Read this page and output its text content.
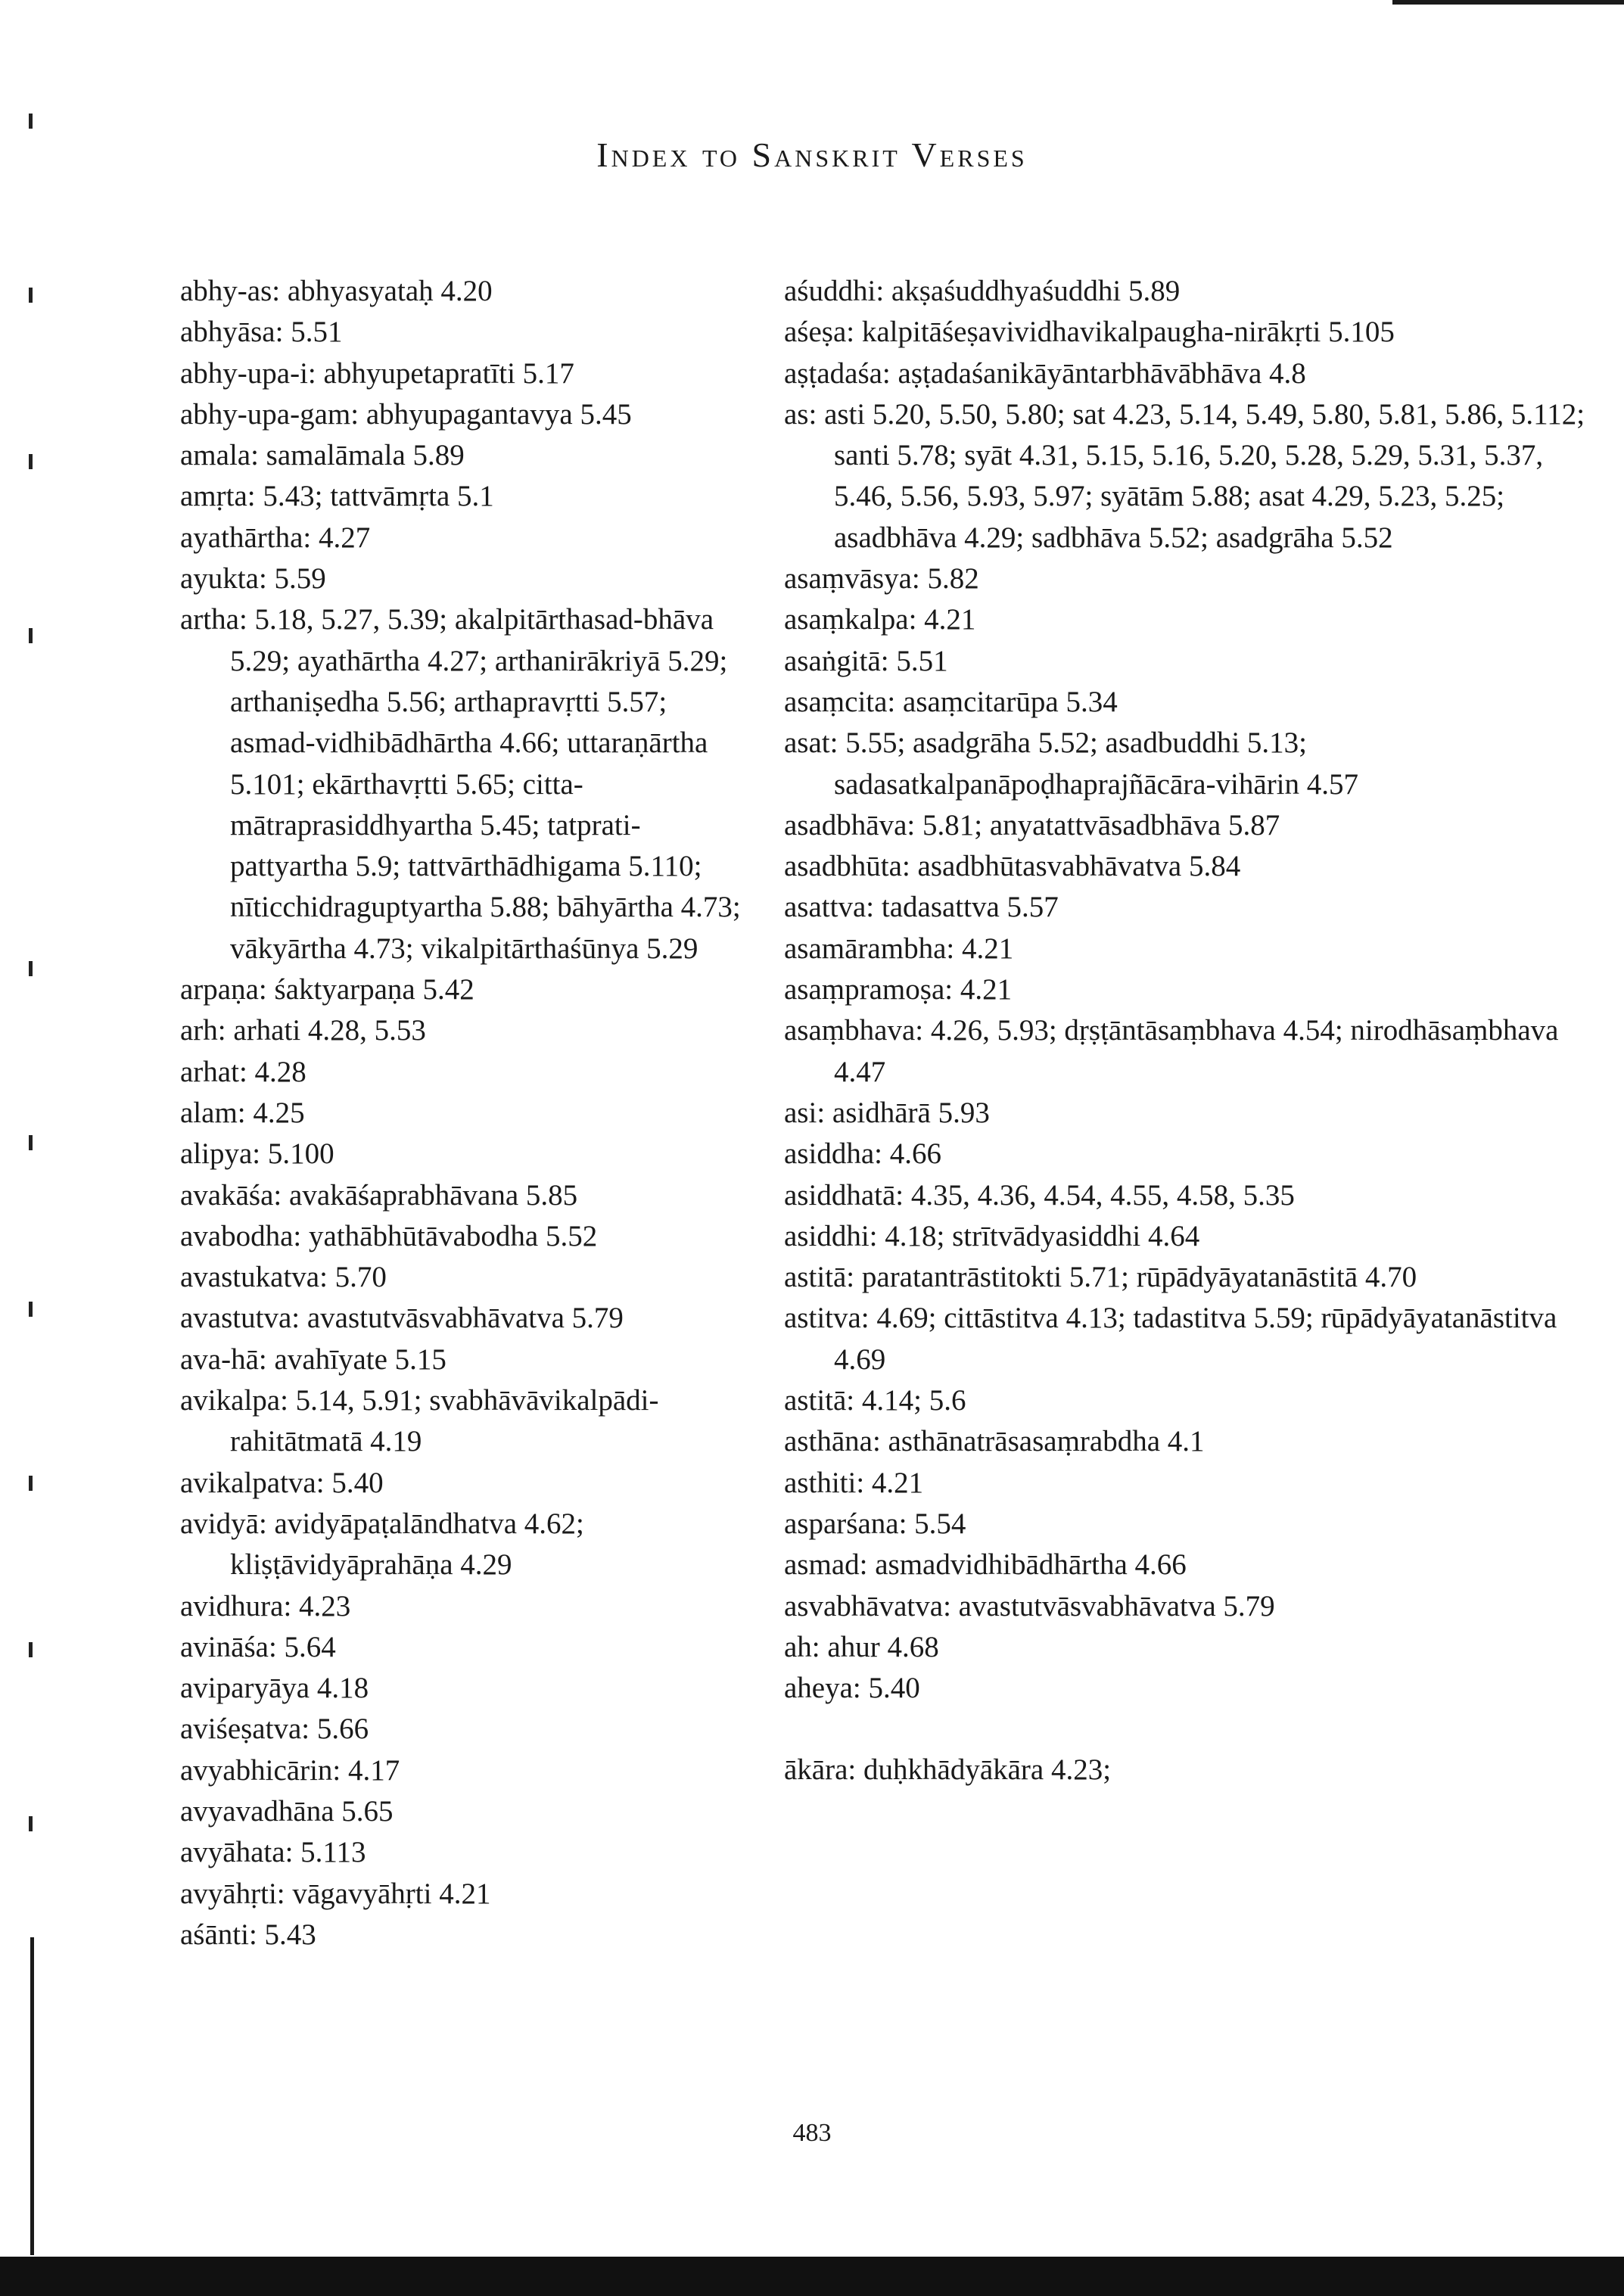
Index to Sanskrit Verses
abhy-as: abhyasyataḥ 4.20
abhyāsa: 5.51
abhy-upa-i: abhyupetapratīti 5.17
abhy-upa-gam: abhyupagantavya 5.45
amala: samalāmala 5.89
amṛta: 5.43; tattvāmṛta 5.1
ayathārtha: 4.27
ayukta: 5.59
artha: 5.18, 5.27, 5.39; akalpitārthasad-bhāva 5.29; ayathārtha 4.27; arthanirākriyā 5.29; arthaniṣedha 5.56; arthapravṛtti 5.57; asmad-vidhibādhārtha 4.66; uttaraṇārtha 5.101; ekārthavṛtti 5.65; citta-mātraprasiddhyartha 5.45; tatprati-pattyartha 5.9; tattvārthādhigama 5.110; nīticchidraguptyartha 5.88; bāhyārtha 4.73; vākyārtha 4.73; vikalpitārthaśūnya 5.29
arpaṇa: śaktyarpaṇa 5.42
arh: arhati 4.28, 5.53
arhat: 4.28
alam: 4.25
alipya: 5.100
avakāśa: avakāśaprabhāvana 5.85
avabodha: yathābhūtāvabodha 5.52
avastukatva: 5.70
avastutva: avastutvāsvabhāvatva 5.79
ava-hā: avahīyate 5.15
avikalpa: 5.14, 5.91; svabhāvāvikalpādi-rahitātmatā 4.19
avikalpatva: 5.40
avidyā: avidyāpaṭalāndhatva 4.62; kliṣṭāvidyāprahāṇa 4.29
avidhura: 4.23
avināśa: 5.64
aviparyāya 4.18
aviśeṣatva: 5.66
avyabhicārin: 4.17
avyavadhāna 5.65
avyāhata: 5.113
avyāhṛti: vāgavyāhṛti 4.21
aśānti: 5.43
aśuddhi: akṣaśuddhyaśuddhi 5.89
aśeṣa: kalpitāśeṣavividhavikalpaugha-nirākṛti 5.105
aṣṭadaśa: aṣṭadaśanikāyāntarbhāvābhāva 4.8
as: asti 5.20, 5.50, 5.80; sat 4.23, 5.14, 5.49, 5.80, 5.81, 5.86, 5.112; santi 5.78; syāt 4.31, 5.15, 5.16, 5.20, 5.28, 5.29, 5.31, 5.37, 5.46, 5.56, 5.93, 5.97; syātām 5.88; asat 4.29, 5.23, 5.25; asadbhāva 4.29; sadbhāva 5.52; asadgrāha 5.52
asaṃvāsya: 5.82
asaṃkalpa: 4.21
asaṅgitā: 5.51
asaṃcita: asaṃcitarūpa 5.34
asat: 5.55; asadgrāha 5.52; asadbuddhi 5.13; sadasatkalpanāpoḍhaprajñācāra-vihārin 4.57
asadbhāva: 5.81; anyatattvāsadbhāva 5.87
asadbhūta: asadbhūtasvabhāvatva 5.84
asattva: tadasattva 5.57
asamārambha: 4.21
asaṃpramoṣa: 4.21
asaṃbhava: 4.26, 5.93; dṛṣṭāntāsaṃbhava 4.54; nirodhāsaṃbhava 4.47
asi: asidhārā 5.93
asiddha: 4.66
asiddhatā: 4.35, 4.36, 4.54, 4.55, 4.58, 5.35
asiddhi: 4.18; strītvādyasiddhi 4.64
astitā: paratantrāstitokti 5.71; rūpādyāyatanāstitā 4.70
astitva: 4.69; cittāstitva 4.13; tadastitva 5.59; rūpādyāyatanāstitva 4.69
astitā: 4.14; 5.6
asthāna: asthānatrāsasaṃrabdha 4.1
asthiti: 4.21
asparśana: 5.54
asmad: asmadvidhibādhārtha 4.66
asvabhāvatva: avastutvāsvabhāvatva 5.79
ah: ahur 4.68
aheya: 5.40
ākāra: duḥkhādyākāra 4.23;
483
